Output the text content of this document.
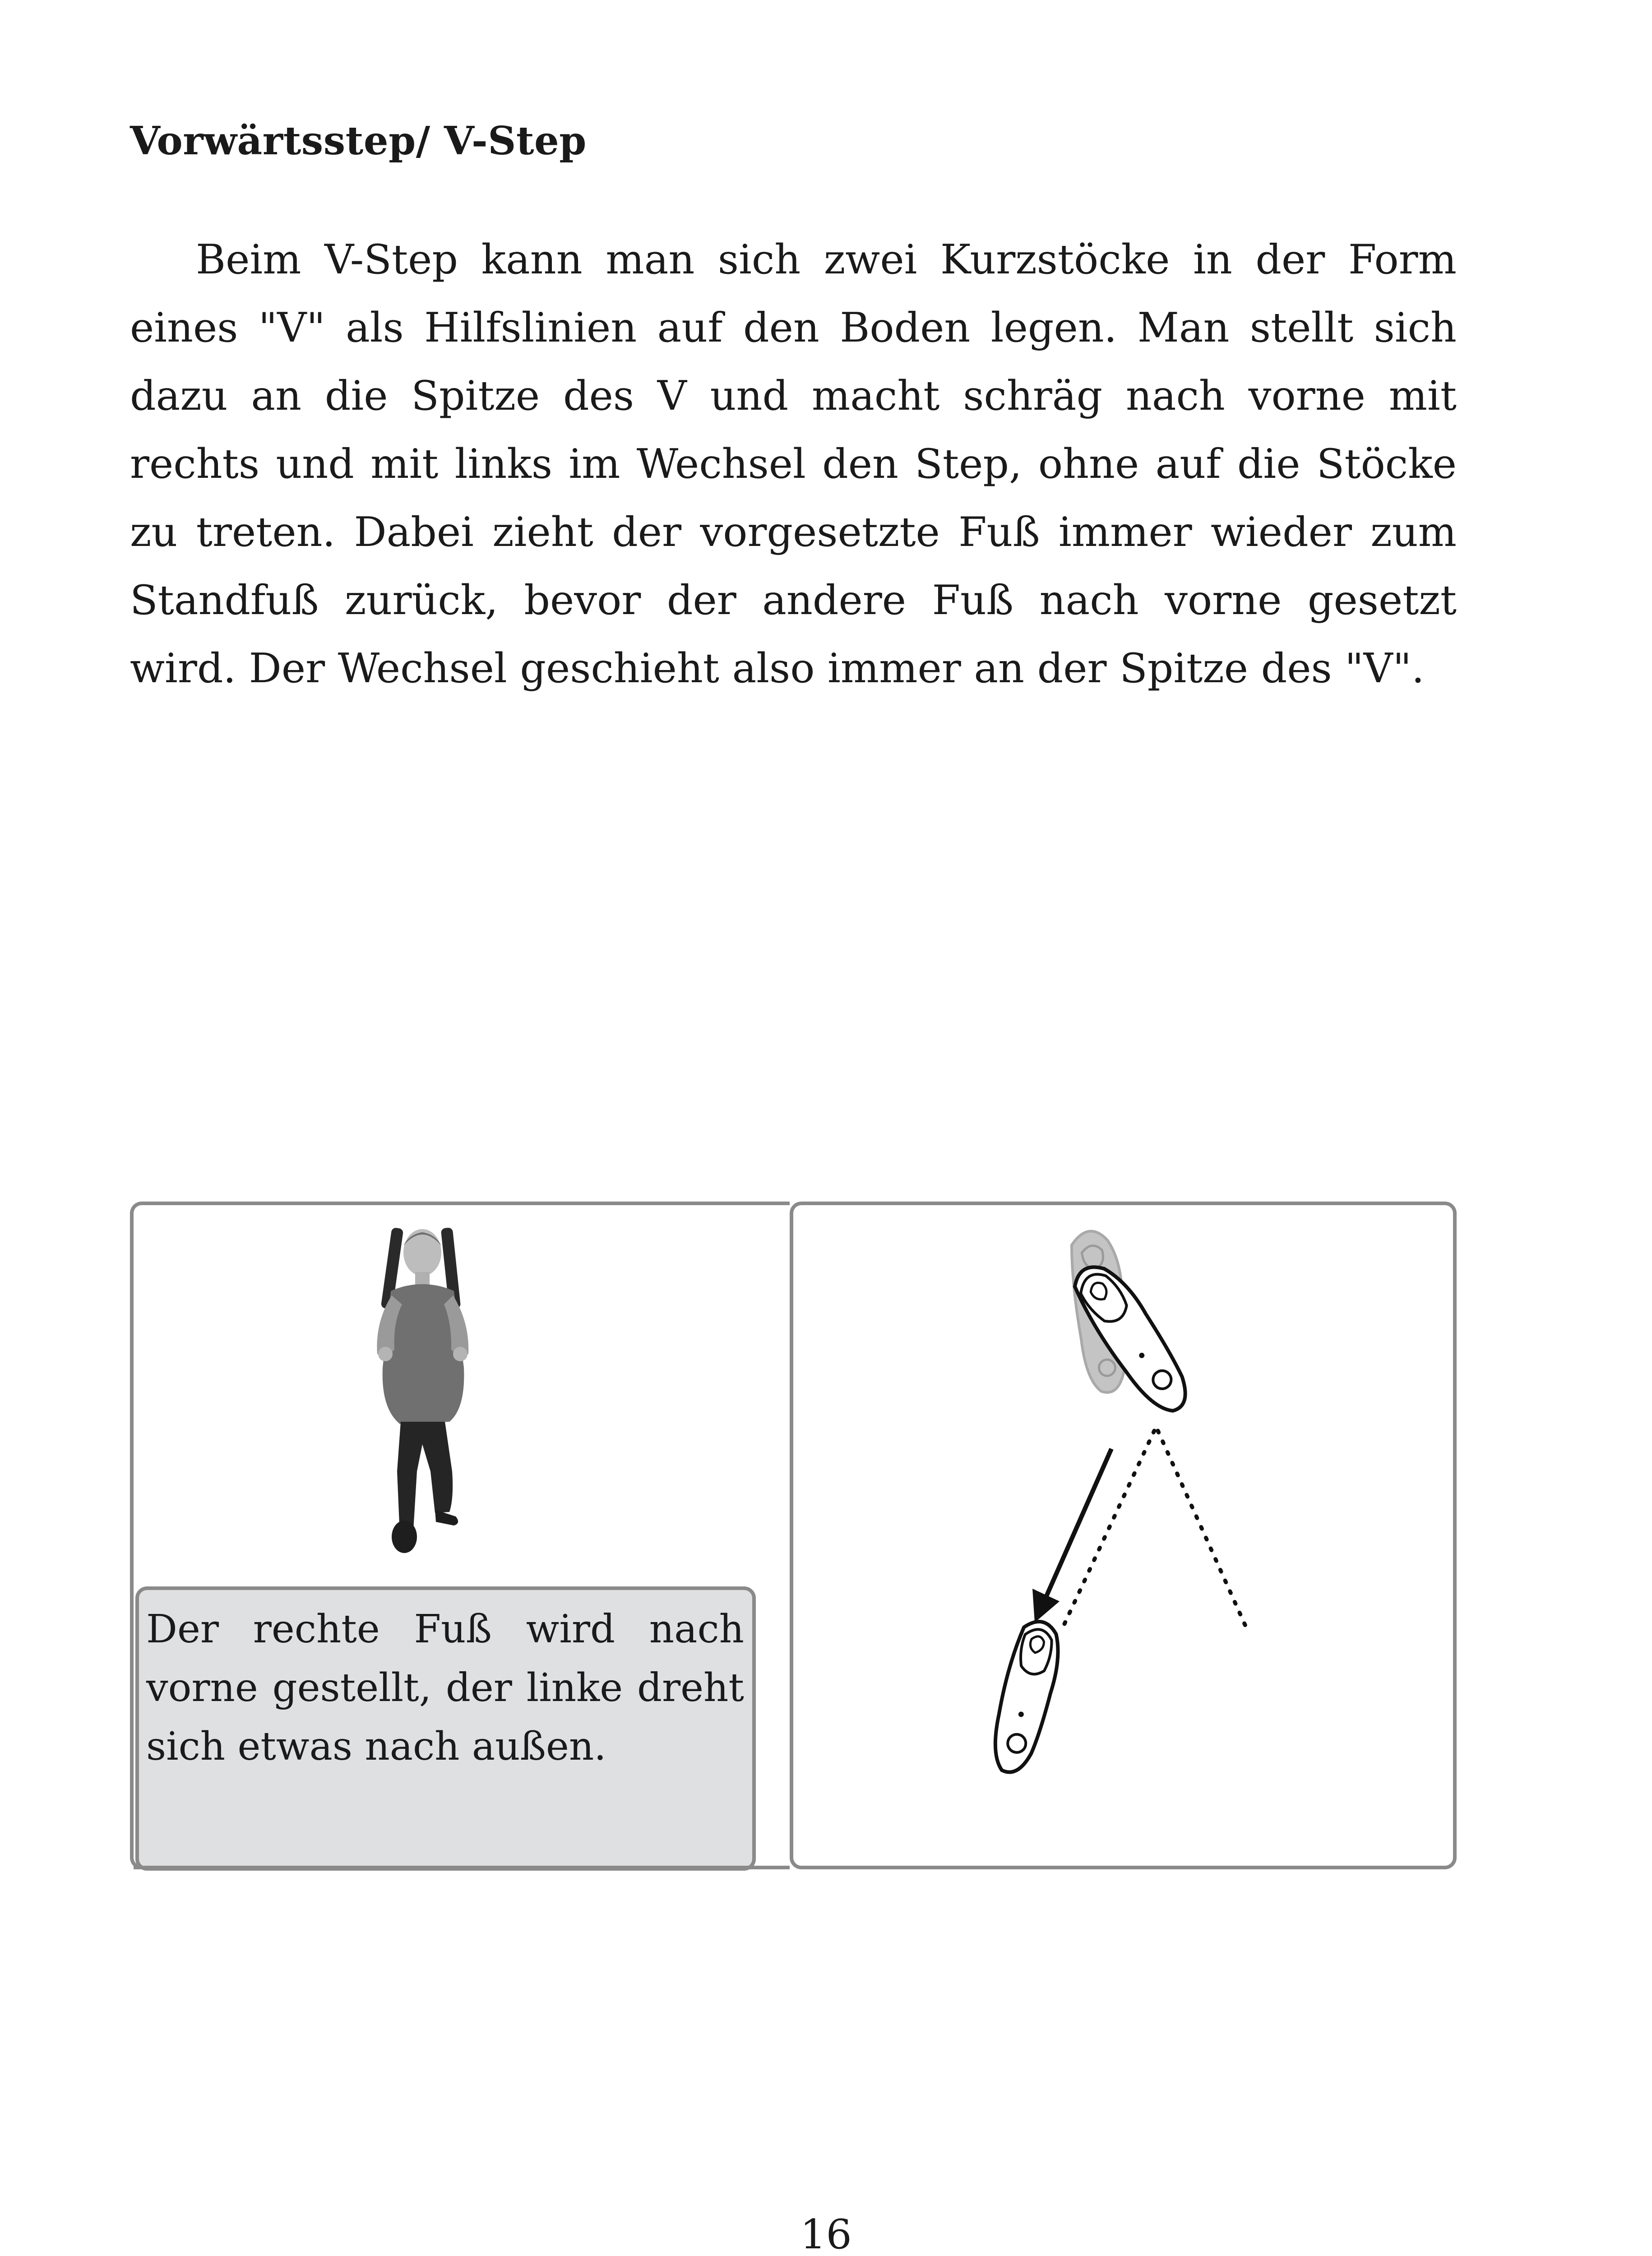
Vorwärtsstep/ V-Step

Beim V-Step kann man sich zwei Kurzstöcke in der Form eines "V" als Hilfslinien auf den Boden legen. Man stellt sich dazu an die Spitze des V und macht schräg nach vorne mit rechts und mit links im Wechsel den Step, ohne auf die Stöcke zu treten. Dabei zieht der vorgesetzte Fuß immer wieder zum Standfuß zurück, bevor der andere Fuß nach vorne gesetzt wird. Der Wechsel geschieht also immer an der Spitze des "V".

Der rechte Fuß wird nach vorne gestellt, der linke dreht sich etwas nach außen.

16
